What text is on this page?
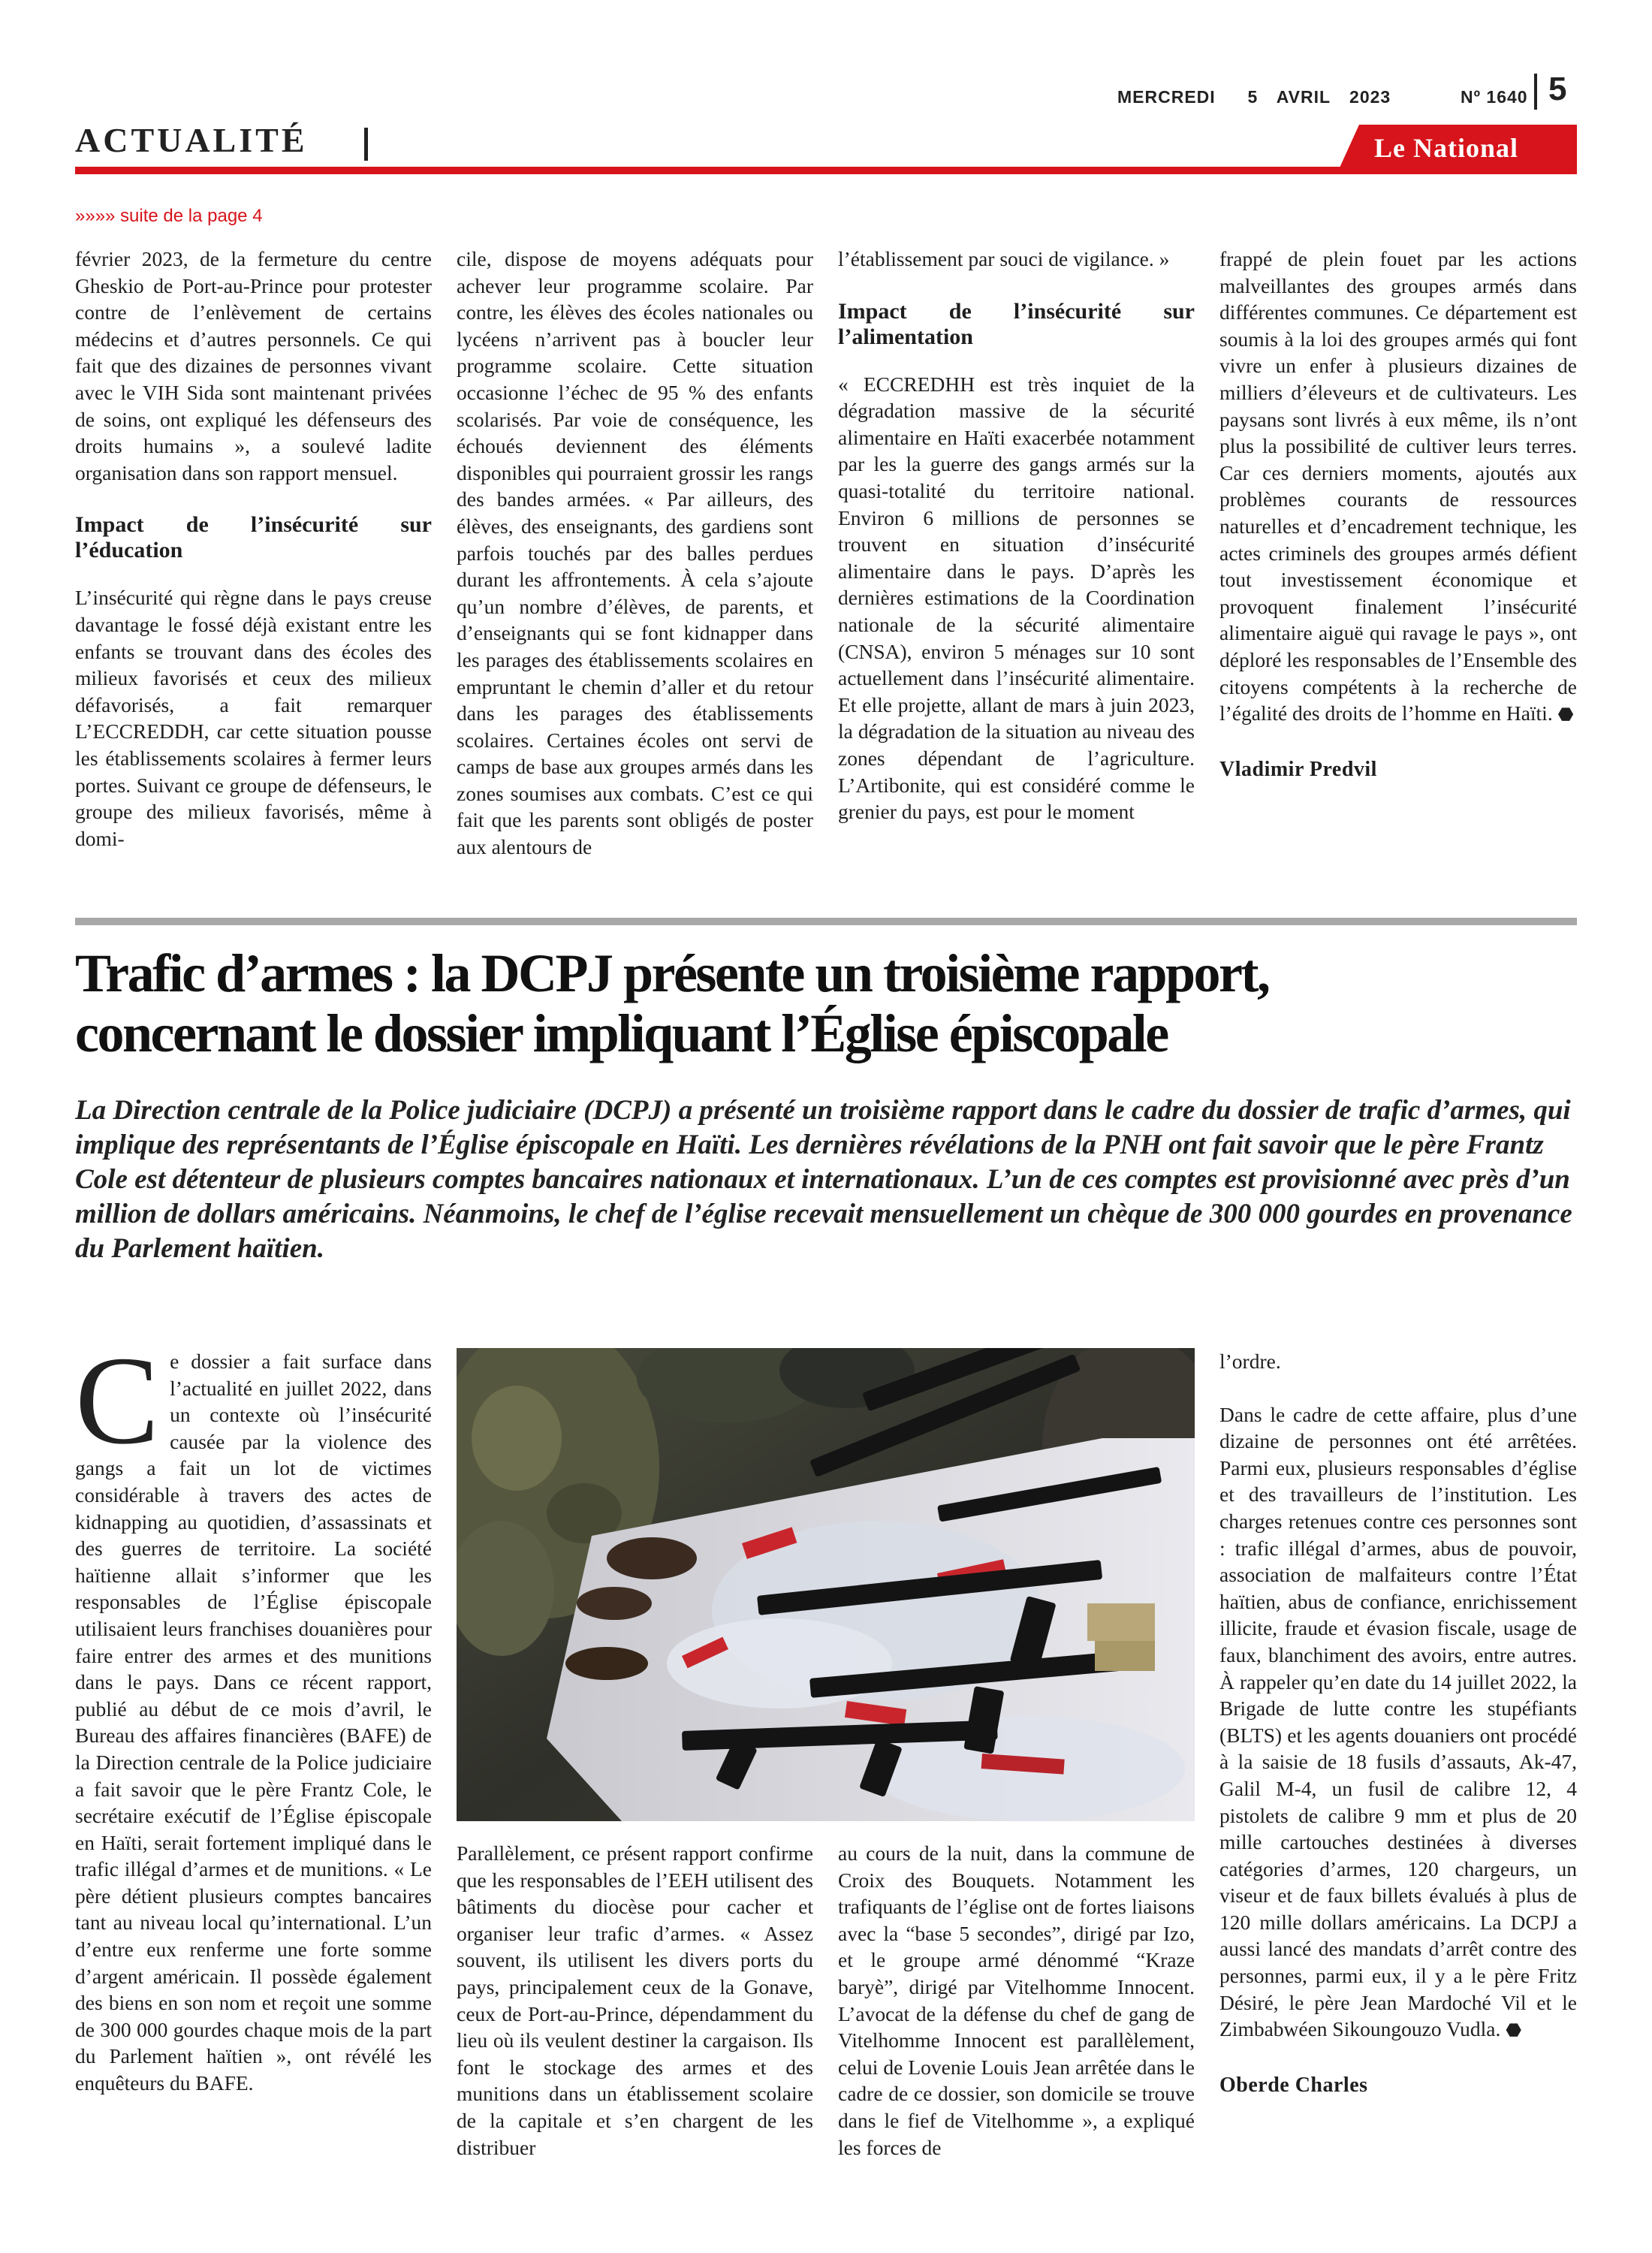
MERCREDI 5 AVRIL 2023	Nº 1640 5
ACTUALITÉ	Le National
»»»» suite de la page 4

février 2023, de la fermeture du centre Gheskio de Port-au-Prince pour protester contre de l’enlèvement de certains médecins et d’autres personnels. Ce qui fait que des dizaines de personnes vivant avec le VIH Sida sont maintenant privées de soins, ont expliqué les défenseurs des droits humains », a soulevé ladite organisation dans son rapport mensuel.

Impact de l’insécurité sur l’éducation

L’insécurité qui règne dans le pays creuse davantage le fossé déjà existant entre les enfants se trouvant dans des écoles des milieux favorisés et ceux des milieux défavorisés, a fait remarquer L’ECCREDDH, car cette situation pousse les établissements scolaires à fermer leurs portes. Suivant ce groupe de défenseurs, le groupe des milieux favorisés, même à domi-

cile, dispose de moyens adéquats pour achever leur programme scolaire. Par contre, les élèves des écoles nationales ou lycéens n’arrivent pas à boucler leur programme scolaire. Cette situation occasionne l’échec de 95 % des enfants scolarisés. Par voie de conséquence, les échoués deviennent des éléments disponibles qui pourraient grossir les rangs des bandes armées. « Par ailleurs, des élèves, des enseignants, des gardiens sont parfois touchés par des balles perdues durant les affrontements. À cela s’ajoute qu’un nombre d’élèves, de parents, et d’enseignants qui se font kidnapper dans les parages des établissements scolaires en empruntant le chemin d’aller et du retour dans les parages des établissements scolaires. Certaines écoles ont servi de camps de base aux groupes armés dans les zones soumises aux combats. C’est ce qui fait que les parents sont obligés de poster aux alentours de

l’établissement par souci de vigilance. »

Impact de l’insécurité sur l’alimentation

« ECCREDHH est très inquiet de la dégradation massive de la sécurité alimentaire en Haïti exacerbée notamment par les la guerre des gangs armés sur la quasi-totalité du territoire national. Environ 6 millions de personnes se trouvent en situation d’insécurité alimentaire dans le pays. D’après les dernières estimations de la Coordination nationale de la sécurité alimentaire (CNSA), environ 5 ménages sur 10 sont actuellement dans l’insécurité alimentaire. Et elle projette, allant de mars à juin 2023, la dégradation de la situation au niveau des zones dépendant de l’agriculture. L’Artibonite, qui est considéré comme le grenier du pays, est pour le moment

frappé de plein fouet par les actions malveillantes des groupes armés dans différentes communes. Ce département est soumis à la loi des groupes armés qui font vivre un enfer à plusieurs dizaines de milliers d’éleveurs et de cultivateurs. Les paysans sont livrés à eux même, ils n’ont plus la possibilité de cultiver leurs terres. Car ces derniers moments, ajoutés aux problèmes courants de ressources naturelles et d’encadrement technique, les actes criminels des groupes armés défient tout investissement économique et provoquent finalement l’insécurité alimentaire aiguë qui ravage le pays », ont déploré les responsables de l’Ensemble des citoyens compétents à la recherche de l’égalité des droits de l’homme en Haïti. ⬣

Vladimir Predvil

Trafic d’armes : la DCPJ présente un troisième rapport,
concernant le dossier impliquant l’Église épiscopale
La Direction centrale de la Police judiciaire (DCPJ) a présenté un troisième rapport dans le cadre du dossier de trafic d’armes, qui implique des représentants de l’Église épiscopale en Haïti. Les dernières révélations de la PNH ont fait savoir que le père Frantz Cole est détenteur de plusieurs comptes bancaires nationaux et internationaux. L’un de ces comptes est provisionné avec près d’un million de dollars américains. Néanmoins, le chef de l’église recevait mensuellement un chèque de 300 000 gourdes en provenance du Parlement haïtien.

Ce dossier a fait surface dans l’actualité en juillet 2022, dans un contexte où l’insécurité causée par la violence des gangs a fait un lot de victimes considérable à travers des actes de kidnapping au quotidien, d’assassinats et des guerres de territoire. La société haïtienne allait s’informer que les responsables de l’Église épiscopale utilisaient leurs franchises douanières pour faire entrer des armes et des munitions dans le pays. Dans ce récent rapport, publié au début de ce mois d’avril, le Bureau des affaires financières (BAFE) de la Direction centrale de la Police judiciaire a fait savoir que le père Frantz Cole, le secrétaire exécutif de l’Église épiscopale en Haïti, serait fortement impliqué dans le trafic illégal d’armes et de munitions. « Le père détient plusieurs comptes bancaires tant au niveau local qu’international. L’un d’entre eux renferme une forte somme d’argent américain. Il possède également des biens en son nom et reçoit une somme de 300 000 gourdes chaque mois de la part du Parlement haïtien », ont révélé les enquêteurs du BAFE.

Parallèlement, ce présent rapport confirme que les responsables de l’EEH utilisent des bâtiments du diocèse pour cacher et organiser leur trafic d’armes. « Assez souvent, ils utilisent les divers ports du pays, principalement ceux de la Gonave, ceux de Port-au-Prince, dépendamment du lieu où ils veulent destiner la cargaison. Ils font le stockage des armes et des munitions dans un établissement scolaire de la capitale et s’en chargent de les distribuer

au cours de la nuit, dans la commune de Croix des Bouquets. Notamment les trafiquants de l’église ont de fortes liaisons avec la “base 5 secondes”, dirigé par Izo, et le groupe armé dénommé “Kraze baryè”, dirigé par Vitelhomme Innocent. L’avocat de la défense du chef de gang de Vitelhomme Innocent est parallèlement, celui de Lovenie Louis Jean arrêtée dans le cadre de ce dossier, son domicile se trouve dans le fief de Vitelhomme », a expliqué les forces de

l’ordre.

Dans le cadre de cette affaire, plus d’une dizaine de personnes ont été arrêtées. Parmi eux, plusieurs responsables d’église et des travailleurs de l’institution. Les charges retenues contre ces personnes sont : trafic illégal d’armes, abus de pouvoir, association de malfaiteurs contre l’État haïtien, abus de confiance, enrichissement illicite, fraude et évasion fiscale, usage de faux, blanchiment des avoirs, entre autres. À rappeler qu’en date du 14 juillet 2022, la Brigade de lutte contre les stupéfiants (BLTS) et les agents douaniers ont procédé à la saisie de 18 fusils d’assauts, Ak-47, Galil M-4, un fusil de calibre 12, 4 pistolets de calibre 9 mm et plus de 20 mille cartouches destinées à diverses catégories d’armes, 120 chargeurs, un viseur et de faux billets évalués à plus de 120 mille dollars américains. La DCPJ a aussi lancé des mandats d’arrêt contre des personnes, parmi eux, il y a le père Fritz Désiré, le père Jean Mardoché Vil et le Zimbabwéen Sikoungouzo Vudla. ⬣

Oberde Charles
